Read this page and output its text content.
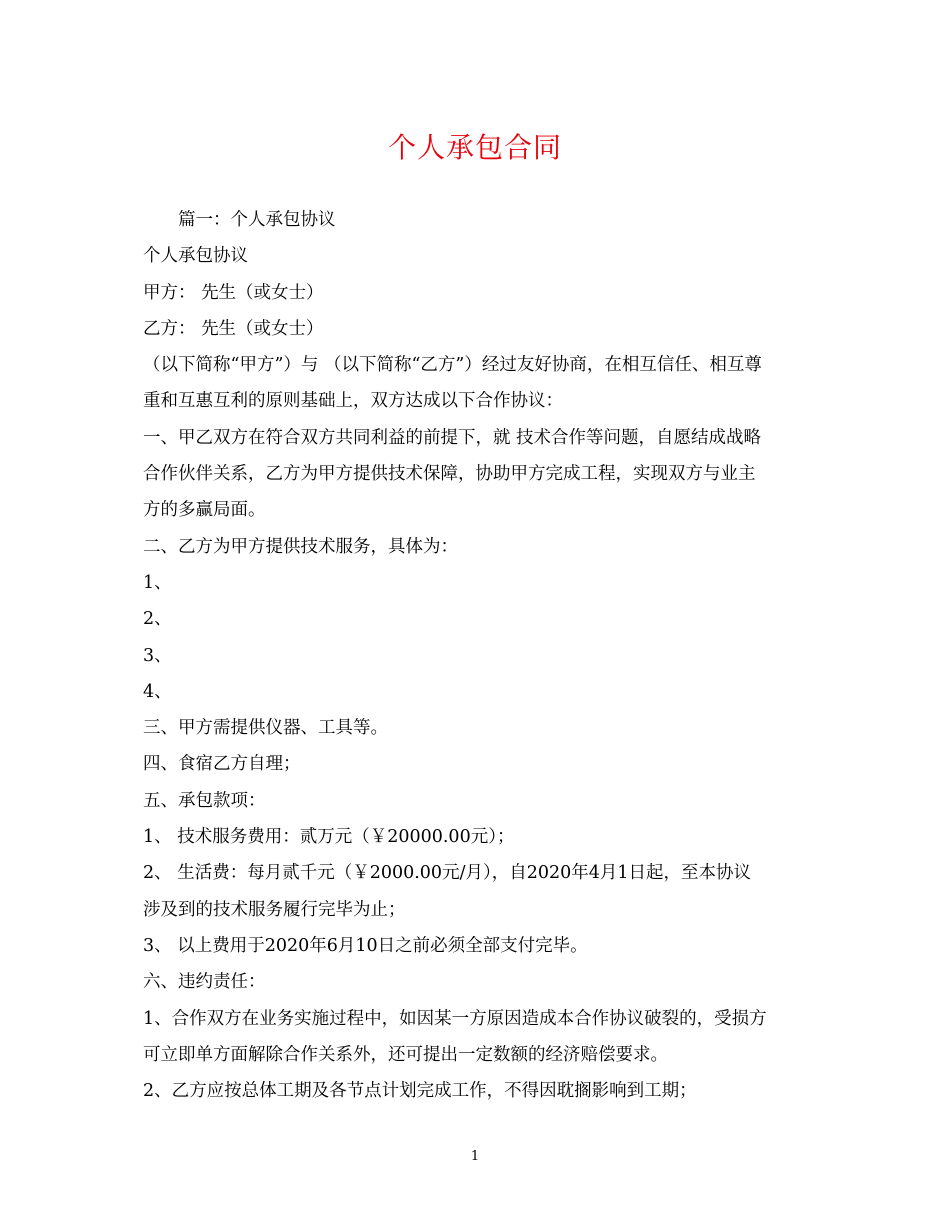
个人承包合同
篇一：个人承包协议
个人承包协议
甲方： 先生（或女士）
乙方： 先生（或女士）
（以下简称“甲方”）与 （以下简称“乙方”）经过友好协商，在相互信任、相互尊
重和互惠互利的原则基础上，双方达成以下合作协议：
一、甲乙双方在符合双方共同利益的前提下，就 技术合作等问题，自愿结成战略
合作伙伴关系，乙方为甲方提供技术保障，协助甲方完成工程，实现双方与业主
方的多赢局面。
二、乙方为甲方提供技术服务，具体为：
1、
2、
3、
4、
三、甲方需提供仪器、工具等。
四、食宿乙方自理；
五、承包款项：
1、 技术服务费用：贰万元（￥20000.00元）；
2、 生活费：每月贰千元（￥2000.00元/月），自2020年4月1日起，至本协议
涉及到的技术服务履行完毕为止；
3、 以上费用于2020年6月10日之前必须全部支付完毕。
六、违约责任：
1、合作双方在业务实施过程中，如因某一方原因造成本合作协议破裂的，受损方
可立即单方面解除合作关系外，还可提出一定数额的经济赔偿要求。
2、乙方应按总体工期及各节点计划完成工作，不得因耽搁影响到工期；
1
